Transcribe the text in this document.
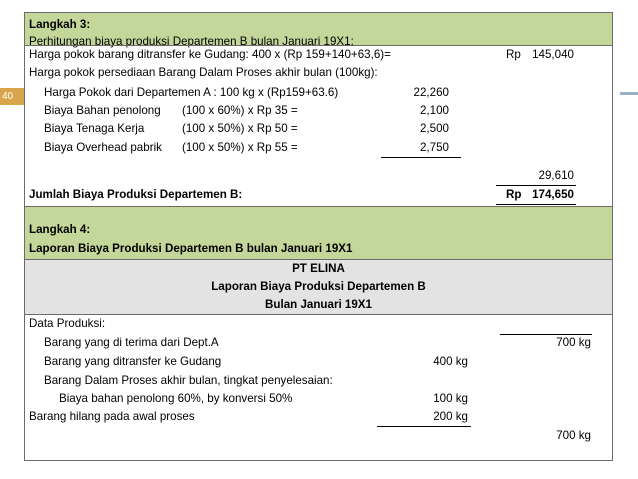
40
Langkah 3:
Perhitungan biaya produksi Departemen B bulan Januari 19X1:
Harga pokok barang ditransfer ke Gudang: 400 x (Rp 159+140+63,6)=	Rp 145,040
Harga pokok persediaan Barang Dalam Proses akhir bulan (100kg):
Harga Pokok dari Departemen A : 100 kg x (Rp159+63.6)	22,260
Biaya Bahan penolong (100 x 60%) x Rp 35 =	2,100
Biaya Tenaga Kerja	(100 x 50%) x Rp 50 =	2,500
Biaya Overhead pabrik (100 x 50%) x Rp 55 =	2,750
29,610
Jumlah Biaya Produksi Departemen B:	Rp 174,650
Langkah 4:
Laporan Biaya Produksi Departemen B bulan Januari 19X1
PT ELINA
Laporan Biaya Produksi Departemen B
Bulan Januari 19X1
Data Produksi:
Barang yang di terima dari Dept.A	700 kg
Barang yang ditransfer ke Gudang	400 kg
Barang Dalam Proses akhir bulan, tingkat penyelesaian:
Biaya bahan penolong 60%, by konversi 50%	100 kg
Barang hilang pada awal proses	200 kg
700 kg
